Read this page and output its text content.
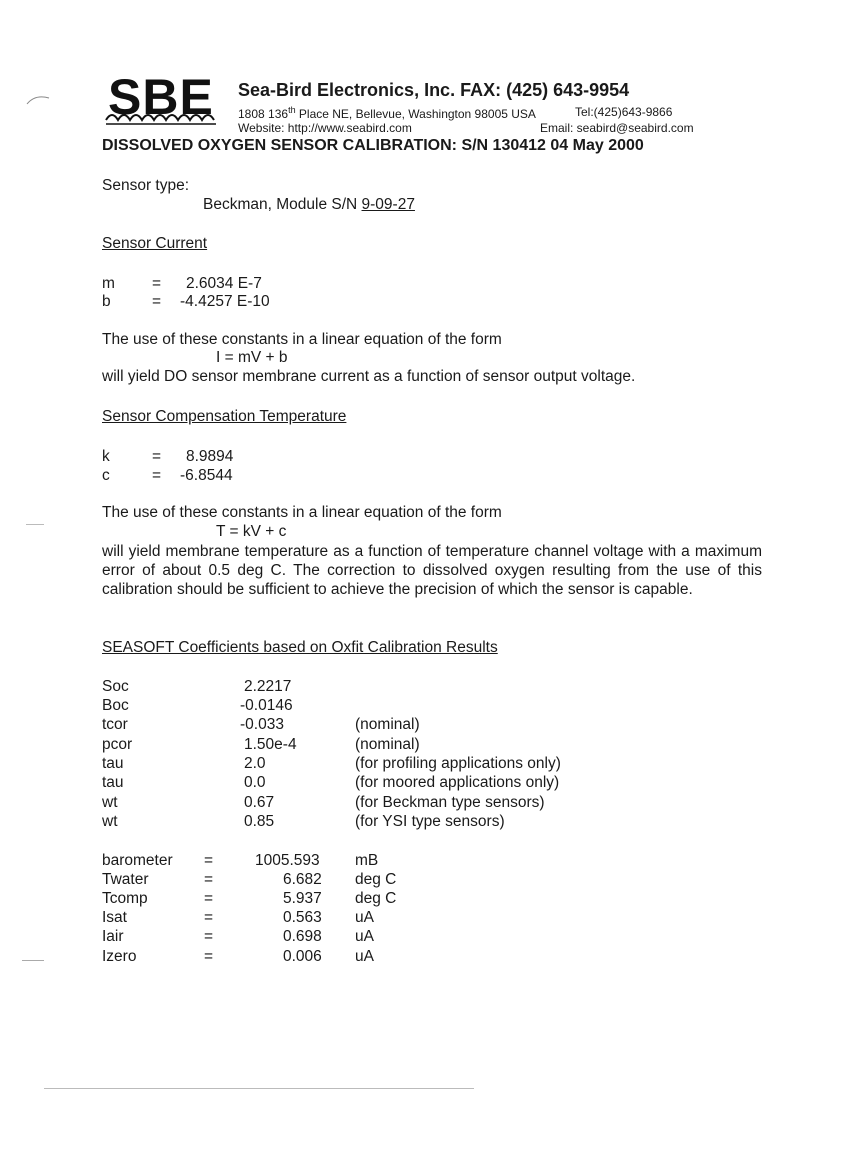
SBE Sea-Bird Electronics, Inc. FAX: (425) 643-9954
1808 136th Place NE, Bellevue, Washington 98005 USA	Tel:(425)643-9866
Website: http://www.seabird.com	Email: seabird@seabird.com
DISSOLVED OXYGEN SENSOR CALIBRATION: S/N 130412 04 May 2000
Sensor type:
Beckman, Module S/N 9-09-27
Sensor Current
m = 2.6034 E-7
b	= -4.4257 E-10
The use of these constants in a linear equation of the form
I = mV + b
will yield DO sensor membrane current as a function of sensor output voltage.
Sensor Compensation Temperature
k	= 8.9894
c	= -6.8544
The use of these constants in a linear equation of the form
T = kV + c
will yield membrane temperature as a function of temperature channel voltage with a maximum error of about 0.5 deg C. The correction to dissolved oxygen resulting from the use of this calibration should be sufficient to achieve the precision of which the sensor is capable.
SEASOFT Coefficients based on Oxfit Calibration Results
Soc	2.2217
Boc	-0.0146
tcor	-0.033	(nominal)
pcor	1.50e-4	(nominal)
tau	2.0	(for profiling applications only)
tau	0.0	(for moored applications only)
wt	0.67	(for Beckman type sensors)
wt	0.85	(for YSI type sensors)
barometer =	1005.593 mB
Twater	=	6.682 deg C
Tcomp	=	5.937 deg C
Isat	=	0.563 uA
Iair	=	0.698 uA
Izero	=	0.006 uA
